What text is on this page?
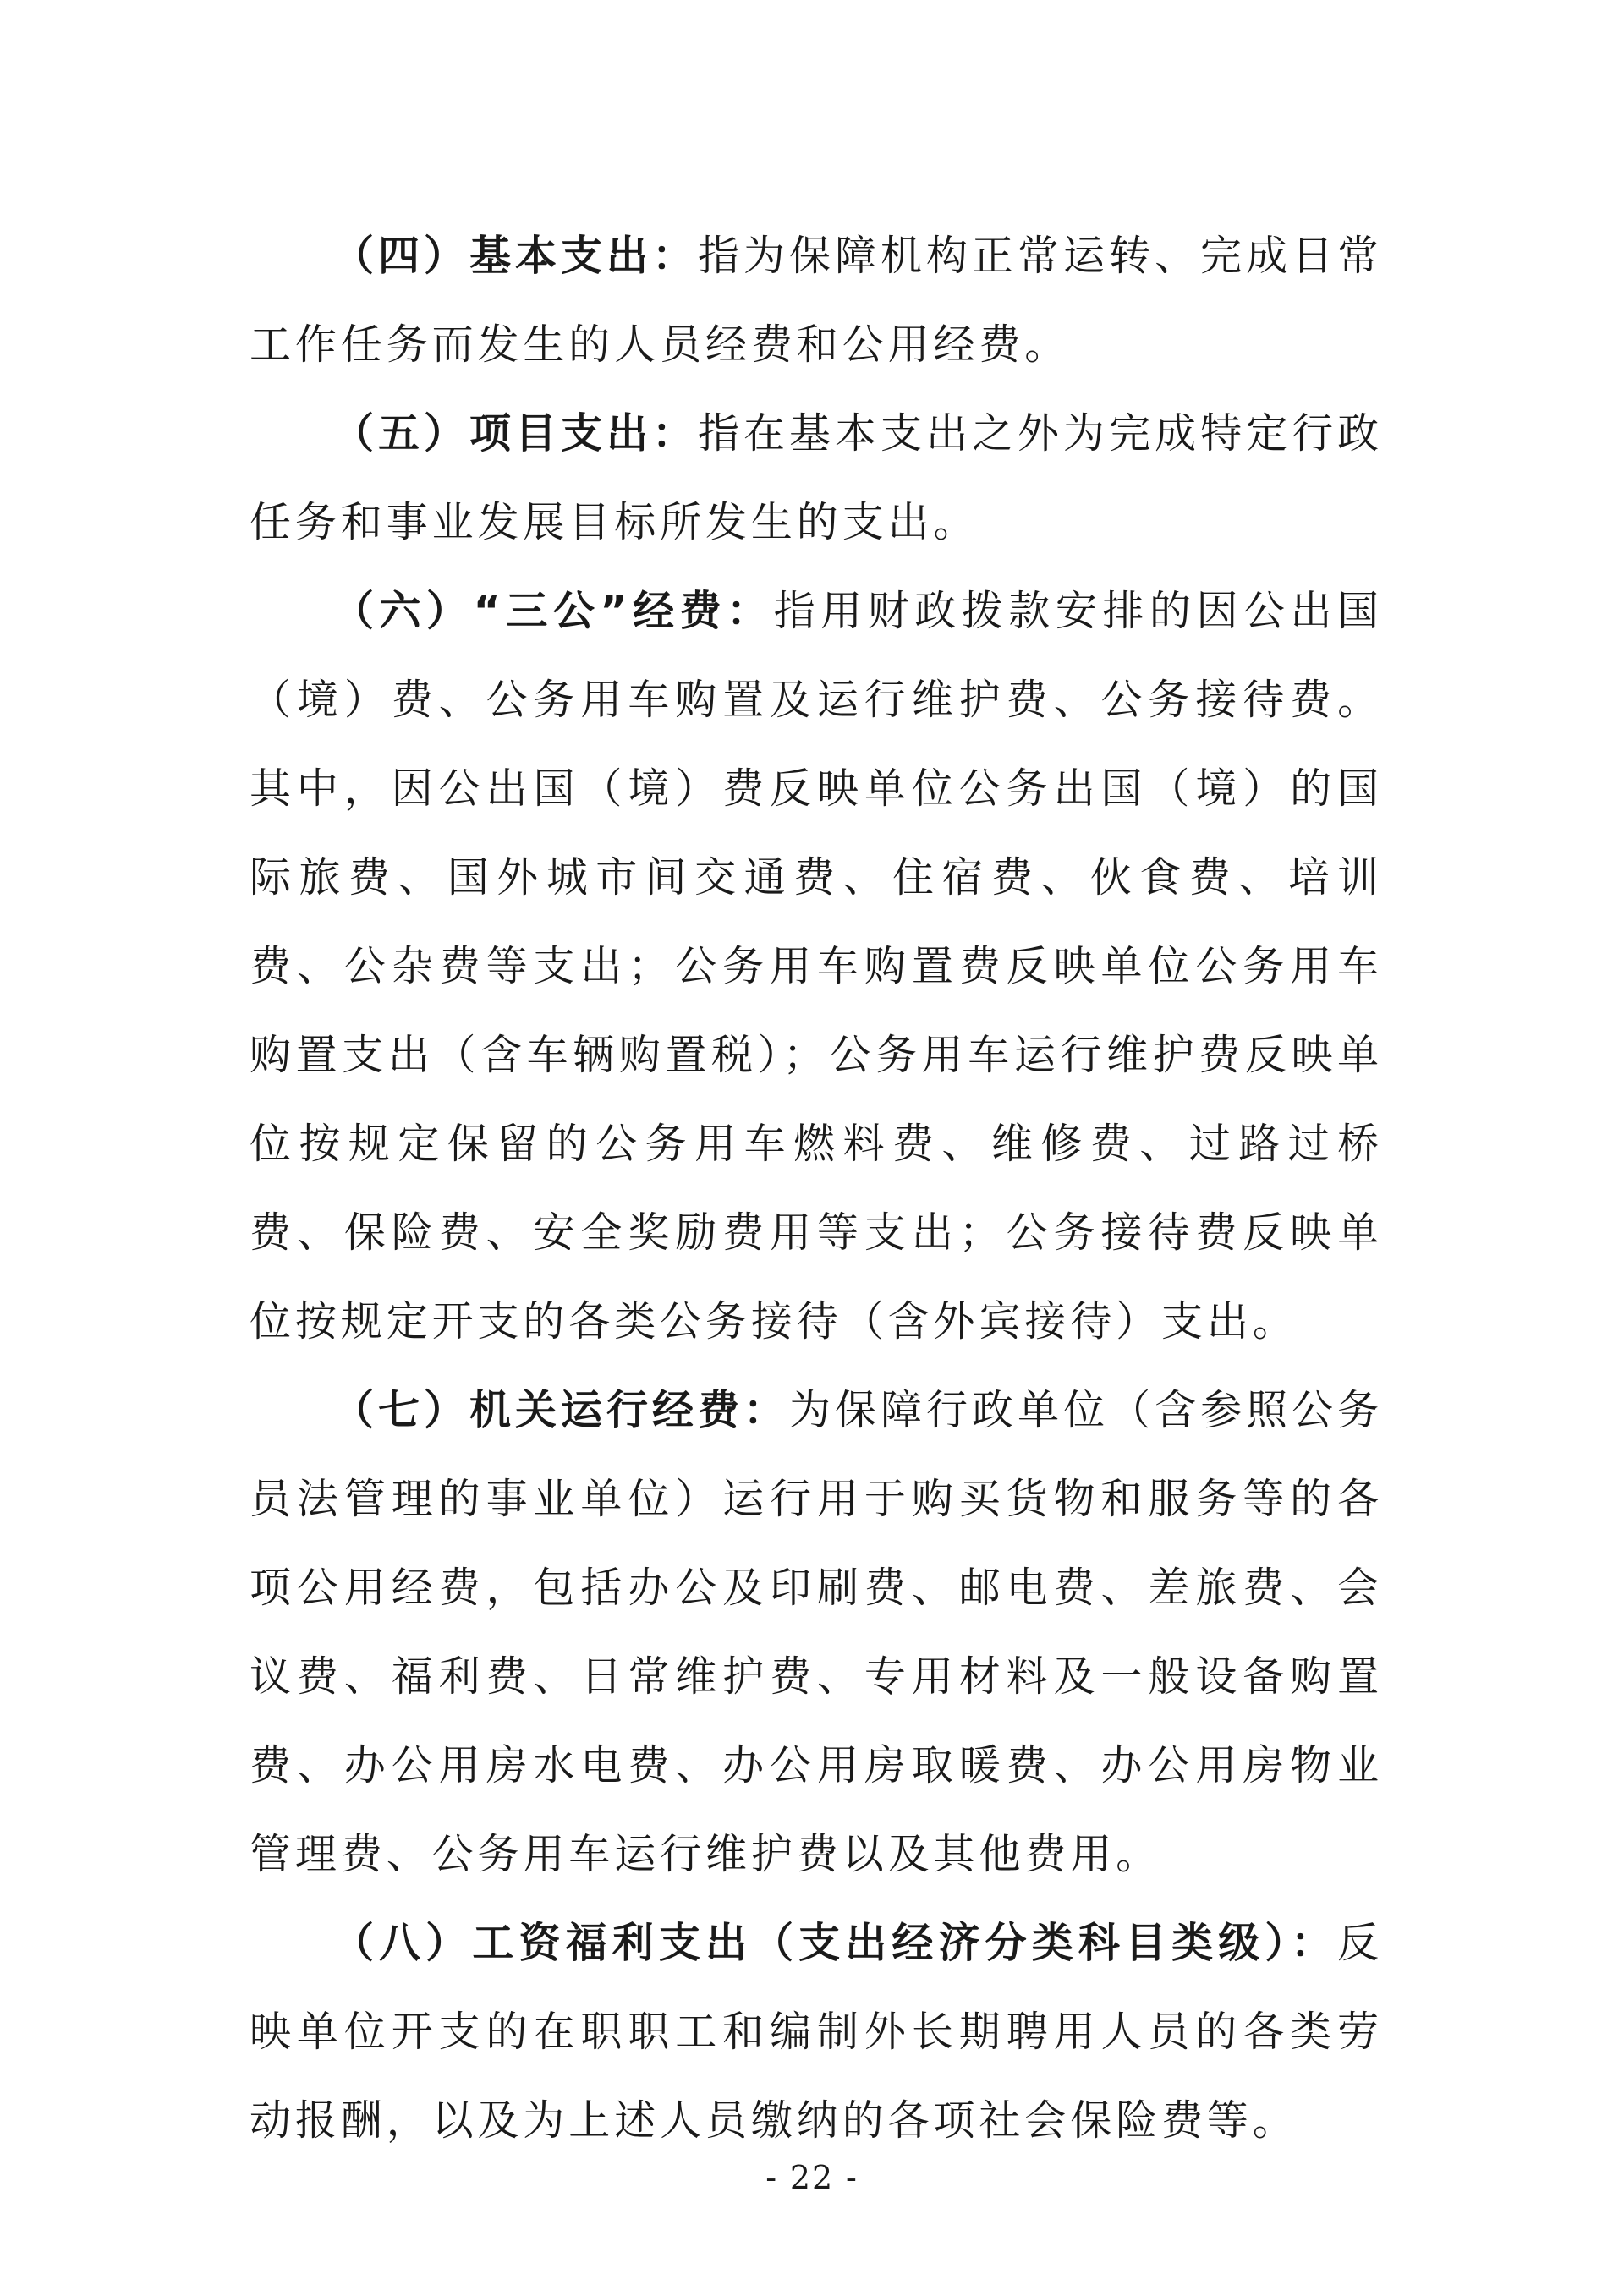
（四）基本支出：指为保障机构正常运转、完成日常工作任务而发生的人员经费和公用经费。

（五）项目支出：指在基本支出之外为完成特定行政任务和事业发展目标所发生的支出。

（六）“三公”经费：指用财政拨款安排的因公出国（境）费、公务用车购置及运行维护费、公务接待费。其中，因公出国（境）费反映单位公务出国（境）的国际旅费、国外城市间交通费、住宿费、伙食费、培训费、公杂费等支出；公务用车购置费反映单位公务用车购置支出（含车辆购置税）；公务用车运行维护费反映单位按规定保留的公务用车燃料费、维修费、过路过桥费、保险费、安全奖励费用等支出；公务接待费反映单位按规定开支的各类公务接待（含外宾接待）支出。

（七）机关运行经费：为保障行政单位（含参照公务员法管理的事业单位）运行用于购买货物和服务等的各项公用经费，包括办公及印刷费、邮电费、差旅费、会议费、福利费、日常维护费、专用材料及一般设备购置费、办公用房水电费、办公用房取暖费、办公用房物业管理费、公务用车运行维护费以及其他费用。

（八）工资福利支出（支出经济分类科目类级）：反映单位开支的在职职工和编制外长期聘用人员的各类劳动报酬，以及为上述人员缴纳的各项社会保险费等。

- 22 -
